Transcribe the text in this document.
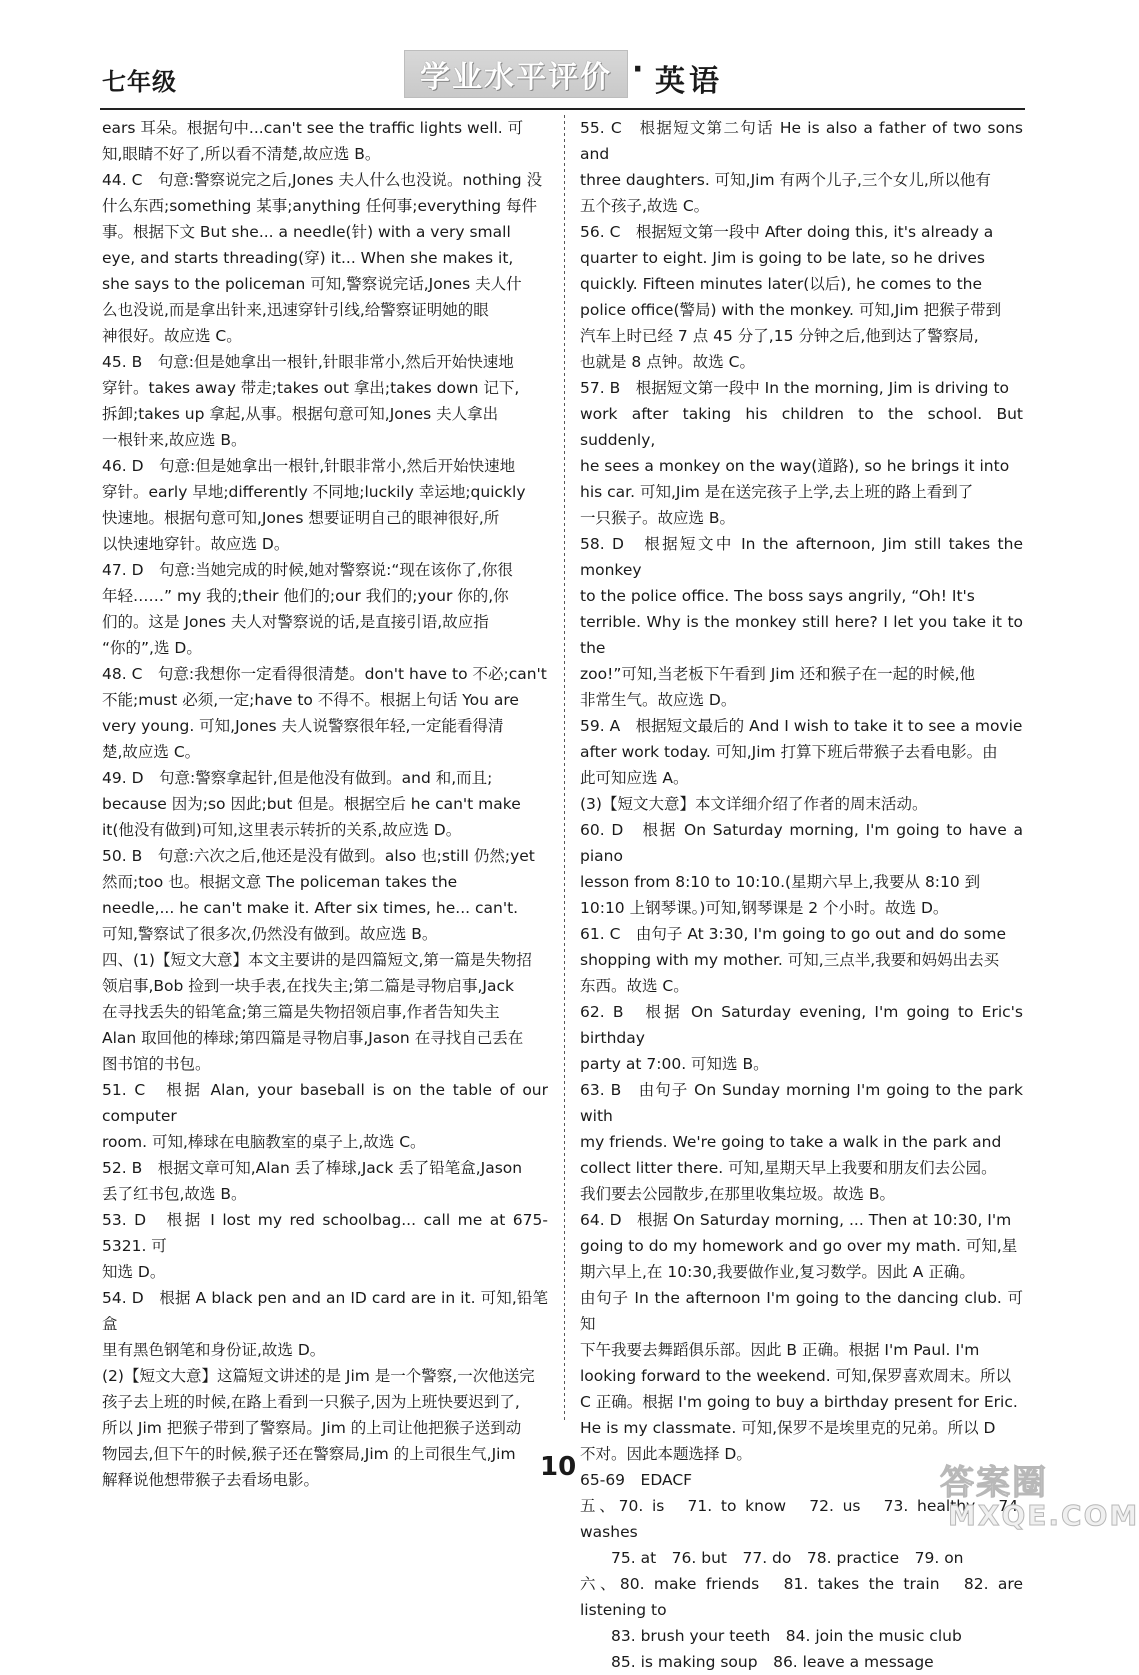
七年级	学业水平评价 · 英语

ears 耳朵。根据句中...can't see the traffic lights well. 可

知,眼睛不好了,所以看不清楚,故应选 B。

44. C　句意:警察说完之后,Jones 夫人什么也没说。nothing 没

什么东西;something 某事;anything 任何事;everything 每件

事。根据下文 But she... a needle(针) with a very small

eye, and starts threading(穿) it... When she makes it,

she says to the policeman 可知,警察说完话,Jones 夫人什

么也没说,而是拿出针来,迅速穿针引线,给警察证明她的眼

神很好。故应选 C。

45. B　句意:但是她拿出一根针,针眼非常小,然后开始快速地

穿针。takes away 带走;takes out 拿出;takes down 记下,

拆卸;takes up 拿起,从事。根据句意可知,Jones 夫人拿出

一根针来,故应选 B。

46. D　句意:但是她拿出一根针,针眼非常小,然后开始快速地

穿针。early 早地;differently 不同地;luckily 幸运地;quickly

快速地。根据句意可知,Jones 想要证明自己的眼神很好,所

以快速地穿针。故应选 D。

47. D　句意:当她完成的时候,她对警察说:“现在该你了,你很

年轻……” my 我的;their 他们的;our 我们的;your 你的,你

们的。这是 Jones 夫人对警察说的话,是直接引语,故应指

“你的”,选 D。

48. C　句意:我想你一定看得很清楚。don't have to 不必;can't

不能;must 必须,一定;have to 不得不。根据上句话 You are

very young. 可知,Jones 夫人说警察很年轻,一定能看得清

楚,故应选 C。

49. D　句意:警察拿起针,但是他没有做到。and 和,而且;

because 因为;so 因此;but 但是。根据空后 he can't make

it(他没有做到)可知,这里表示转折的关系,故应选 D。

50. B　句意:六次之后,他还是没有做到。also 也;still 仍然;yet

然而;too 也。根据文意 The policeman takes the

needle,... he can't make it. After six times, he... can't.

可知,警察试了很多次,仍然没有做到。故应选 B。

四、(1)【短文大意】本文主要讲的是四篇短文,第一篇是失物招

领启事,Bob 捡到一块手表,在找失主;第二篇是寻物启事,Jack

在寻找丢失的铅笔盒;第三篇是失物招领启事,作者告知失主

Alan 取回他的棒球;第四篇是寻物启事,Jason 在寻找自己丢在

图书馆的书包。

51. C　根据 Alan, your baseball is on the table of our computer

room. 可知,棒球在电脑教室的桌子上,故选 C。

52. B　根据文章可知,Alan 丢了棒球,Jack 丢了铅笔盒,Jason

丢了红书包,故选 B。

53. D　根据 I lost my red schoolbag... call me at 675-5321. 可

知选 D。

54. D　根据 A black pen and an ID card are in it. 可知,铅笔盒

里有黑色钢笔和身份证,故选 D。

(2)【短文大意】这篇短文讲述的是 Jim 是一个警察,一次他送完

孩子去上班的时候,在路上看到一只猴子,因为上班快要迟到了,

所以 Jim 把猴子带到了警察局。Jim 的上司让他把猴子送到动

物园去,但下午的时候,猴子还在警察局,Jim 的上司很生气,Jim

解释说他想带猴子去看场电影。

55. C　根据短文第二句话 He is also a father of two sons and

three daughters. 可知,Jim 有两个儿子,三个女儿,所以他有

五个孩子,故选 C。

56. C　根据短文第一段中 After doing this, it's already a

quarter to eight. Jim is going to be late, so he drives

quickly. Fifteen minutes later(以后), he comes to the

police office(警局) with the monkey. 可知,Jim 把猴子带到

汽车上时已经 7 点 45 分了,15 分钟之后,他到达了警察局,

也就是 8 点钟。故选 C。

57. B　根据短文第一段中 In the morning, Jim is driving to

work after taking his children to the school. But suddenly,

he sees a monkey on the way(道路), so he brings it into

his car. 可知,Jim 是在送完孩子上学,去上班的路上看到了

一只猴子。故应选 B。

58. D　根据短文中 In the afternoon, Jim still takes the monkey

to the police office. The boss says angrily, “Oh! It's

terrible. Why is the monkey still here? I let you take it to the

zoo!”可知,当老板下午看到 Jim 还和猴子在一起的时候,他

非常生气。故应选 D。

59. A　根据短文最后的 And I wish to take it to see a movie

after work today. 可知,Jim 打算下班后带猴子去看电影。由

此可知应选 A。

(3)【短文大意】本文详细介绍了作者的周末活动。

60. D　根据 On Saturday morning, I'm going to have a piano

lesson from 8:10 to 10:10.(星期六早上,我要从 8:10 到

10:10 上钢琴课。)可知,钢琴课是 2 个小时。故选 D。

61. C　由句子 At 3:30, I'm going to go out and do some

shopping with my mother. 可知,三点半,我要和妈妈出去买

东西。故选 C。

62. B　根据 On Saturday evening, I'm going to Eric's birthday

party at 7:00. 可知选 B。

63. B　由句子 On Sunday morning I'm going to the park with

my friends. We're going to take a walk in the park and

collect litter there. 可知,星期天早上我要和朋友们去公园。

我们要去公园散步,在那里收集垃圾。故选 B。

64. D　根据 On Saturday morning, ... Then at 10:30, I'm

going to do my homework and go over my math. 可知,星

期六早上,在 10:30,我要做作业,复习数学。因此 A 正确。

由句子 In the afternoon I'm going to the dancing club. 可知

下午我要去舞蹈俱乐部。因此 B 正确。根据 I'm Paul. I'm

looking forward to the weekend. 可知,保罗喜欢周末。所以

C 正确。根据 I'm going to buy a birthday present for Eric.

He is my classmate. 可知,保罗不是埃里克的兄弟。所以 D

不对。因此本题选择 D。

65-69　EDACF

五、70. is　71. to know　72. us　73. healthy　74. washes

　　75. at　76. but　77. do　78. practice　79. on

六、80. make friends　81. takes the train　82. are listening to

　　83. brush your teeth　84. join the music club

　　85. is making soup　86. leave a message

10	答案圈
MXQE.COM
